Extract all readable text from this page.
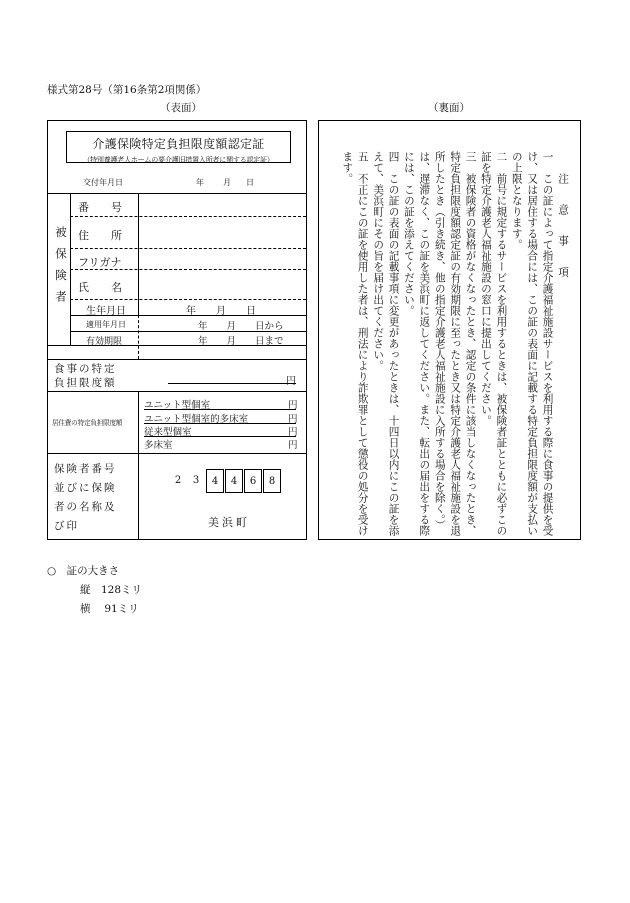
様式第28号（第16条第2項関係）
（表面）	（裏面）
介護保険特定負担限度額認定証
（特別養護老人ホームの要介護旧措置入所者に関する認定証）
交付年月日	年 月 日
被保険者
番　　号
住　　所
フリガナ
氏　　名
生年月日	年　　月　　日
適用年月日	年　　月　　日から
有効期限	年　　月　　日まで
食事の特定
負担限度額	円
居住費の特定負担限度額
ユニット型個室	円
ユニット型個室的多床室	円
従来型個室	円
多床室	円
保険者番号
並びに保険
者の名称及
び印
2	3	4	4	6	8
美浜町

注　意　事　項

一　この証によって指定介護福祉施設サービスを利用する際に食事の提供を受け、又は居住する場合には、この証の表面に記載する特定負担限度額が支払いの上限となります。

二　前号に規定するサービスを利用するときは、被保険者証とともに必ずこの証を特定介護老人福祉施設の窓口に提出してください。

三　被保険者の資格がなくなったとき、認定の条件に該当しなくなったとき、特定負担限度額認定証の有効期限に至ったとき又は特定介護老人福祉施設を退所したとき（引き続き、他の指定介護老人福祉施設に入所する場合を除く。）は、遅滞なく、この証を美浜町に返してください。また、転出の届出をする際には、この証を添えてください。

四　この証の表面の記載事項に変更があったときは、十四日以内にこの証を添えて、美浜町にその旨を届け出てください。

五　不正にこの証を使用した者は、刑法により詐欺罪として懲役の処分を受けます。

○　証の大きさ
縦　128ミリ
横　 91ミリ
